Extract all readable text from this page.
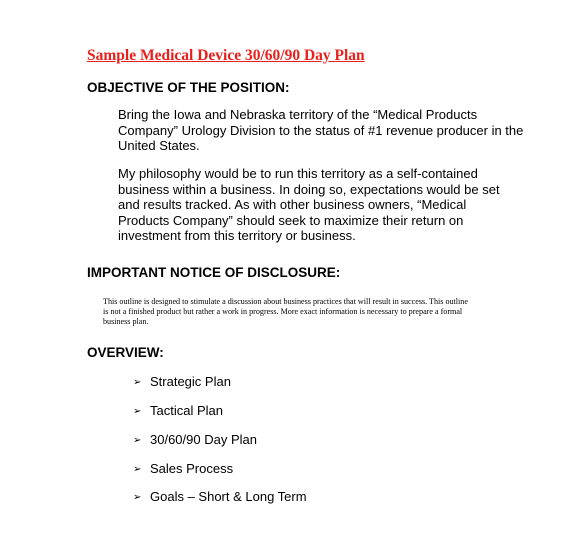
Sample Medical Device 30/60/90 Day Plan
OBJECTIVE OF THE POSITION:
Bring the Iowa and Nebraska territory of the “Medical Products
Company” Urology Division to the status of #1 revenue producer in the
United States.
My philosophy would be to run this territory as a self-contained
business within a business. In doing so, expectations would be set
and results tracked. As with other business owners, “Medical
Products Company” should seek to maximize their return on
investment from this territory or business.
IMPORTANT NOTICE OF DISCLOSURE:
This outline is designed to stimulate a discussion about business practices that will result in success. This outline
is not a finished product but rather a work in progress. More exact information is necessary to prepare a formal
business plan.
OVERVIEW:
➢ Strategic Plan
➢ Tactical Plan
➢ 30/60/90 Day Plan
➢ Sales Process
➢ Goals – Short & Long Term
